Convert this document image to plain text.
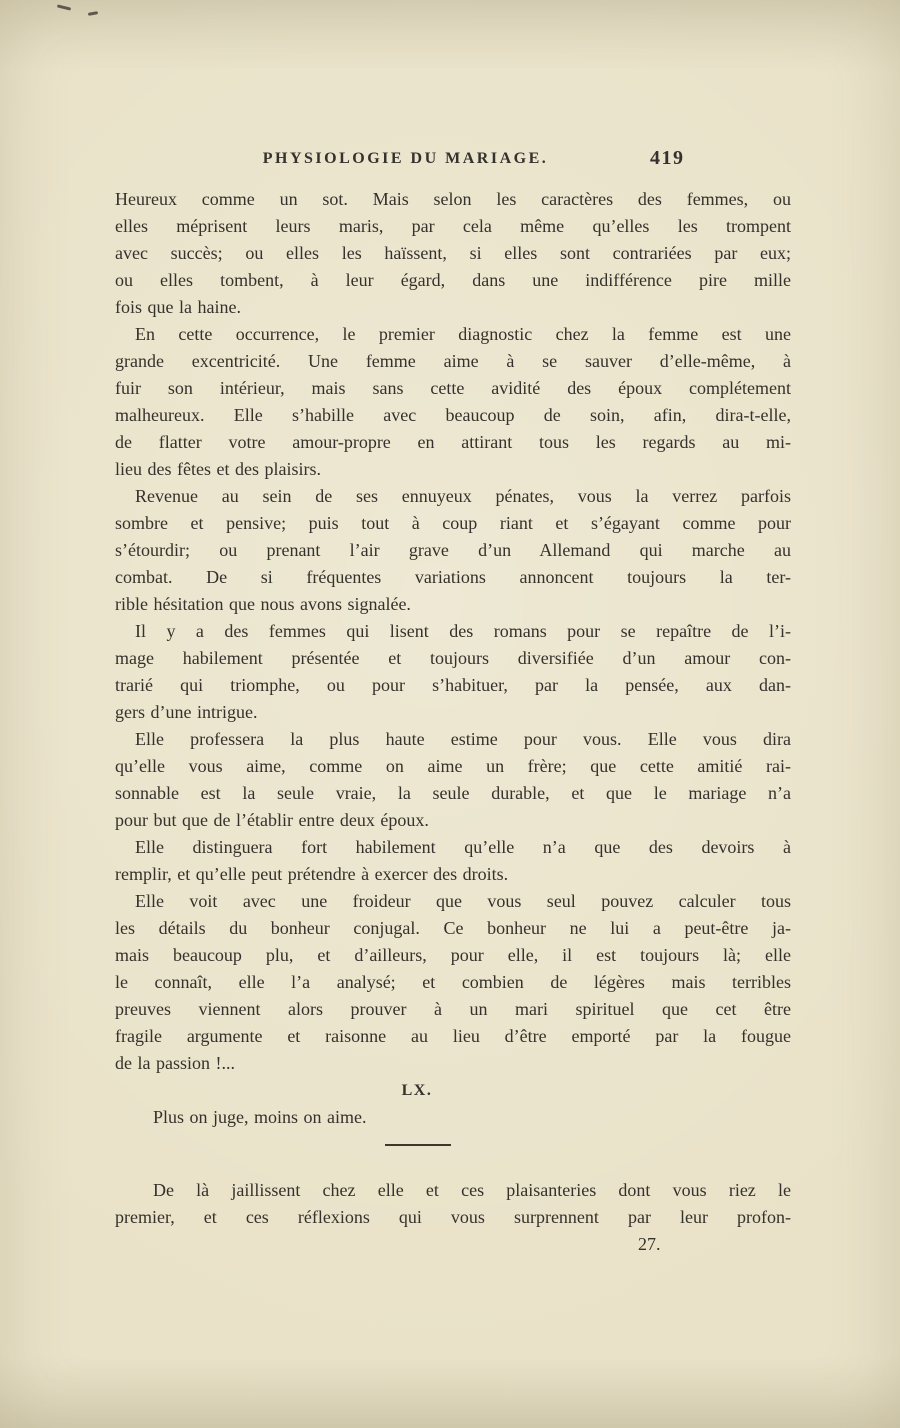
PHYSIOLOGIE DU MARIAGE.	419
Heureux comme un sot. Mais selon les caractères des femmes, ou
elles méprisent leurs maris, par cela même qu’elles les trompent
avec succès; ou elles les haïssent, si elles sont contrariées par eux;
ou elles tombent, à leur égard, dans une indifférence pire mille
fois que la haine.
En cette occurrence, le premier diagnostic chez la femme est une
grande excentricité. Une femme aime à se sauver d’elle-même, à
fuir son intérieur, mais sans cette avidité des époux complétement
malheureux. Elle s’habille avec beaucoup de soin, afin, dira-t-elle,
de flatter votre amour-propre en attirant tous les regards au mi-
lieu des fêtes et des plaisirs.
Revenue au sein de ses ennuyeux pénates, vous la verrez parfois
sombre et pensive; puis tout à coup riant et s’égayant comme pour
s’étourdir; ou prenant l’air grave d’un Allemand qui marche au
combat. De si fréquentes variations annoncent toujours la ter-
rible hésitation que nous avons signalée.
Il y a des femmes qui lisent des romans pour se repaître de l’i-
mage habilement présentée et toujours diversifiée d’un amour con-
trarié qui triomphe, ou pour s’habituer, par la pensée, aux dan-
gers d’une intrigue.
Elle professera la plus haute estime pour vous. Elle vous dira
qu’elle vous aime, comme on aime un frère; que cette amitié rai-
sonnable est la seule vraie, la seule durable, et que le mariage n’a
pour but que de l’établir entre deux époux.
Elle distinguera fort habilement qu’elle n’a que des devoirs à
remplir, et qu’elle peut prétendre à exercer des droits.
Elle voit avec une froideur que vous seul pouvez calculer tous
les détails du bonheur conjugal. Ce bonheur ne lui a peut-être ja-
mais beaucoup plu, et d’ailleurs, pour elle, il est toujours là; elle
le connaît, elle l’a analysé; et combien de légères mais terribles
preuves viennent alors prouver à un mari spirituel que cet être
fragile argumente et raisonne au lieu d’être emporté par la fougue
de la passion !...
LX.
Plus on juge, moins on aime.
De là jaillissent chez elle et ces plaisanteries dont vous riez le
premier, et ces réflexions qui vous surprennent par leur profon-
27.
